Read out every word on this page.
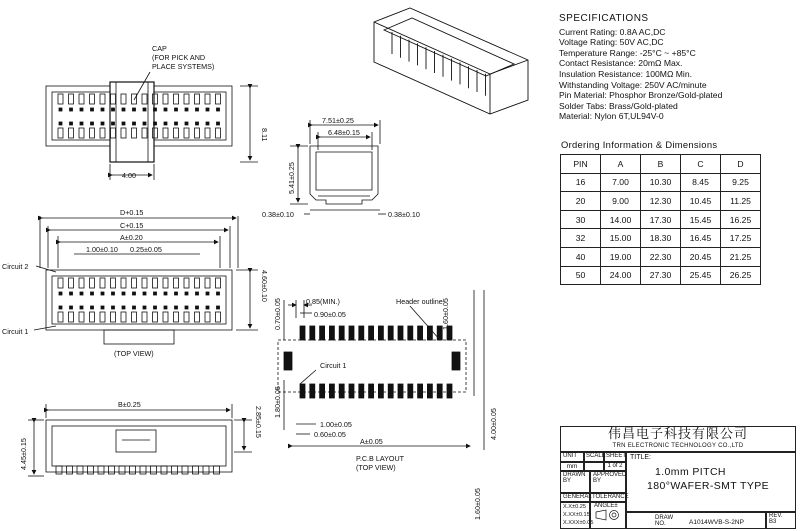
CAP
(FOR PICK AND
PLACE SYSTEMS)
8.11
4.00
7.51±0.25
6.48±0.15
5.41±0.25
0.38±0.10	0.38±0.10
D+0.15
C+0.15
A±0.20
1.00±0.10 0.25±0.05
4.60±0.10
Circuit 2
Circuit 1
(TOP VIEW)
B±0.25
2.85±0.15
4.45±0.15
0.85(MIN.)
0.90±0.05
Header outline
1.60±0.05
0.70±0.05
Circuit 1
1.80±0.05
4.00±0.05
1.00±0.05
0.60±0.05
A±0.05
1.60±0.05
P.C.B LAYOUT
(TOP VIEW)
SPECIFICATIONS
Current Rating: 0.8A AC,DC
Voltage Rating: 50V AC,DC
Temperature Range: -25°C ~ +85°C
Contact Resistance: 20mΩ Max.
Insulation Resistance: 100MΩ Min.
Withstanding Voltage: 250V AC/minute
Pin Material: Phosphor Bronze/Gold-plated
Solder Tabs: Brass/Gold-plated
Material: Nylon 6T,UL94V-0
Ordering Information & Dimensions
PIN	A	B	C	D
16	7.00	10.30	8.45	9.25
20	9.00	12.30	10.45	11.25
30	14.00	17.30	15.45	16.25
32	15.00	18.30	16.45	17.25
40	19.00	22.30	20.45	21.25
50	24.00	27.30	25.45	26.25
伟昌电子科技有限公司
TRN ELECTRONIC TECHNOLOGY CO.,LTD
UNIT	SCALE SHEET TITLE:
1.0mm PITCH
180°WAFER-SMT TYPE
mm	1 of 2
DRAWN BY
APPROVED BY
GENERAL TOLERANCE
X.X±0.25
X.XX±0.15
X.XXX±0.05
ANGLE±
DRAW NO.	A1014WVB-S-2NP
REV.
B3
